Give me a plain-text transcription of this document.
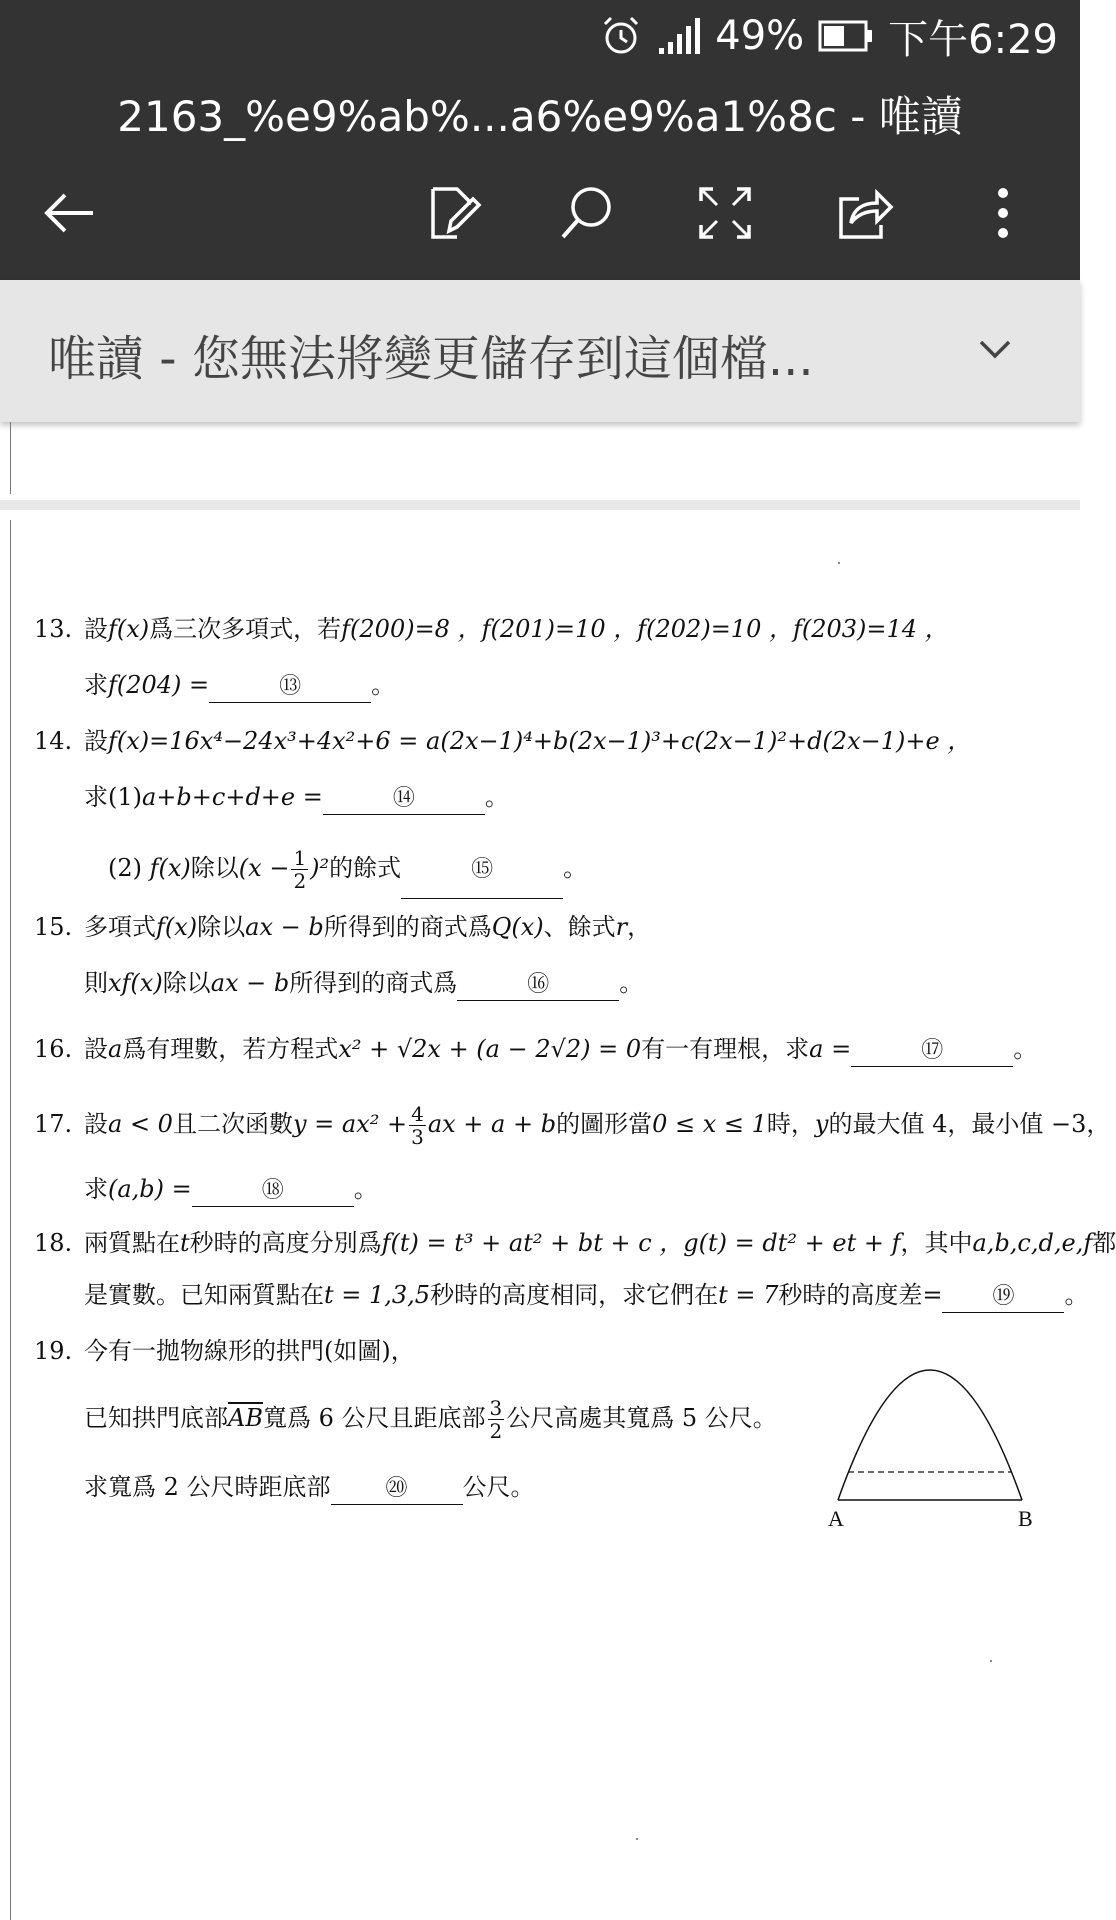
49% 下午6:29
2163_%e9%ab%...a6%e9%a1%8c - 唯讀
唯讀 - 您無法將變更儲存到這個檔...
13. 設f(x)爲三次多項式，若f(200)=8 ，f(201)=10 ，f(202)=10 ，f(203)=14 ，
求f(204) =	⑬	。
14. 設f(x)=16x⁴−24x³+4x²+6 = a(2x−1)⁴+b(2x−1)³+c(2x−1)²+d(2x−1)+e ，
求(1)a+b+c+d+e =	⑭	。
(2) f(x)除以$(x - \frac{1}{2} )^2$的餘式	⑮	。
15. 多項式f(x)除以ax − b所得到的商式爲Q(x)、餘式r，
則xf(x)除以ax − b所得到的商式爲	⑯	。
16. 設a爲有理數，若方程式x² + √2x + (a − 2√2) = 0有一有理根，求a =	⑰	。
17. 設a < 0且二次函數$y = ax^2 + \frac{4}{3}$ ax + a + b的圖形當0 ≤ x ≤ 1時，y的最大值 4，最小值 −3，
求(a,b) =	⑱	。
18. 兩質點在t秒時的高度分別爲f(t) = t³ + at² + bt + c ，g(t) = dt² + et + f，其中a,b,c,d,e,f都
是實數。已知兩質點在t = 1,3,5秒時的高度相同，求它們在t = 7秒時的高度差= ⑲ 。
19. 今有一拋物線形的拱門(如圖)，
已知拱門底部$\overline{AB}$寬爲 6 公尺且距底部 $\frac{3}{2}$ 公尺高處其寬爲 5 公尺。
求寬爲 2 公尺時距底部 ⑳ 公尺。
A	B
